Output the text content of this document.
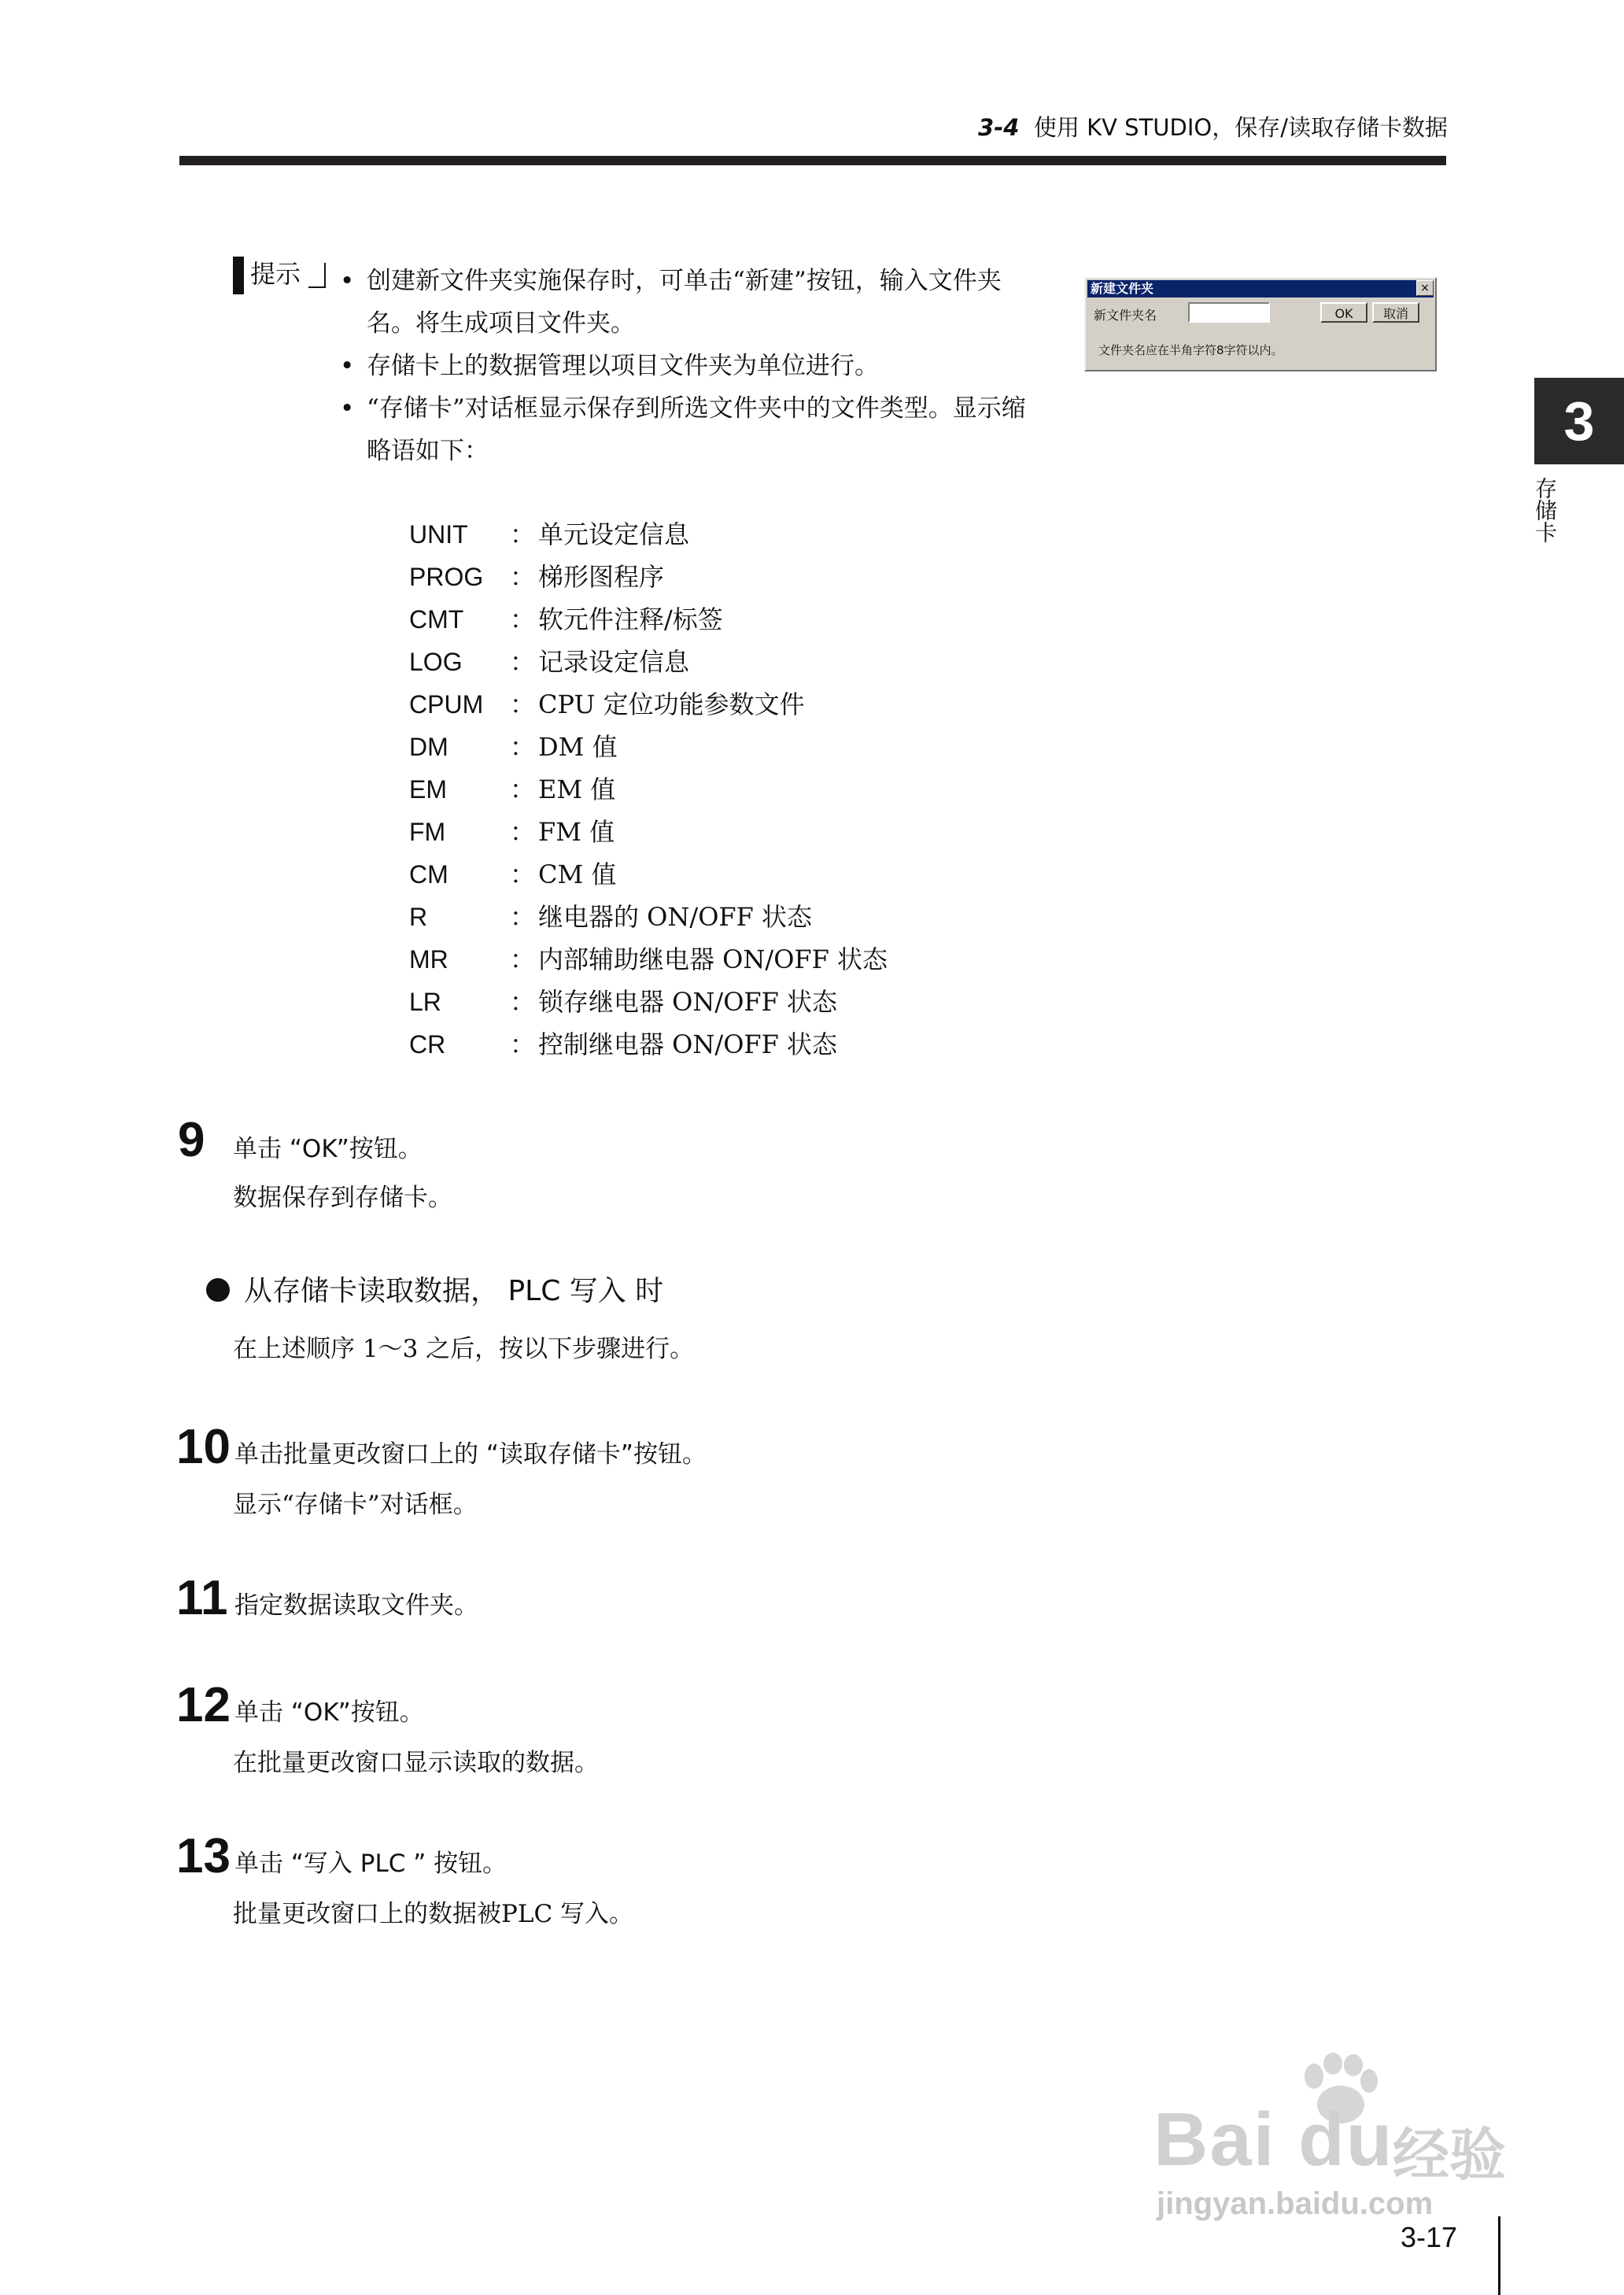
3-4 使用 KV STUDIO，保存/读取存储卡数据
3
存储卡
提示
•	创建新文件夹实施保存时，可单击“新建”按钮，输入文件夹名。将生成项目文件夹。
• 存储卡上的数据管理以项目文件夹为单位进行。
• “存储卡”对话框显示保存到所选文件夹中的文件类型。显示缩略语如下：
新建文件夹	×
新文件夹名	OK	取消
文件夹名应在半角字符8字符以内。
UNIT	： 单元设定信息
PROG	： 梯形图程序
CMT	： 软元件注释/标签
LOG	： 记录设定信息
CPUM	： CPU 定位功能参数文件
DM	： DM 值
EM	： EM 值
FM	： FM 值
CM	： CM 值
R	： 继电器的 ON/OFF 状态
MR	： 内部辅助继电器 ON/OFF 状态
LR	： 锁存继电器 ON/OFF 状态
CR	： 控制继电器 ON/OFF 状态
9 单击 “OK”按钮。
数据保存到存储卡。
从存储卡读取数据， PLC 写入 时
在上述顺序 1～3 之后，按以下步骤进行。
10 单击批量更改窗口上的 “读取存储卡”按钮。
显示“存储卡”对话框。
11 指定数据读取文件夹。
12 单击 “OK”按钮。
在批量更改窗口显示读取的数据。
13 单击 “写入 PLC ” 按钮。
批量更改窗口上的数据被PLC 写入。
Bai du
经验
jingyan.baidu.com
3-17
